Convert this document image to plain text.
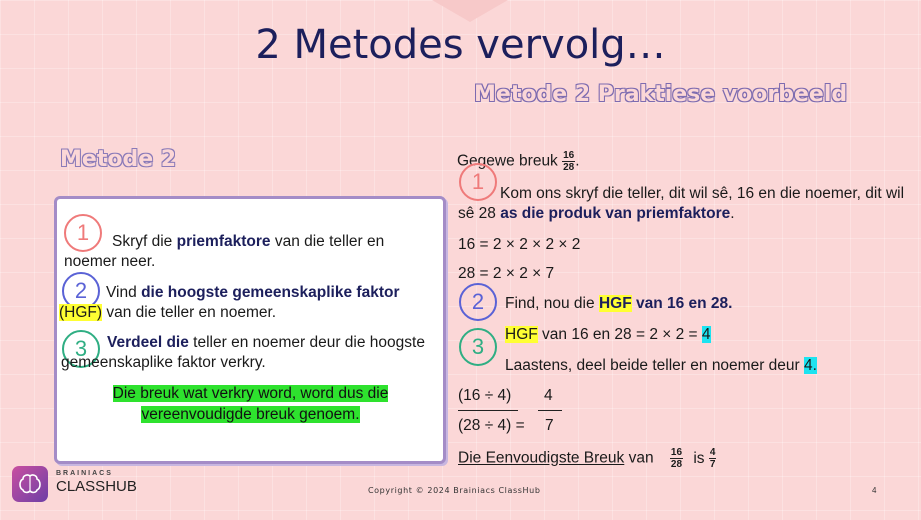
2 Metodes vervolg…
Metode 2 Praktiese voorbeeld
Metode 2
1	Skryf die priemfaktore van die teller en noemer neer.
2	Vind die hoogste gemeenskaplike faktor (HGF) van die teller en noemer.
3	Verdeel die teller en noemer deur die hoogste gemeenskaplike faktor verkry.
Die breuk wat verkry word, word dus die vereenvoudigde breuk genoem.
Gegewe breuk $\frac{16}{28}$ .
1	Kom ons skryf die teller, dit wil sê, 16 en die noemer, dit wil sê 28 as die produk van priemfaktore.
16 = 2 × 2 × 2 × 2
28 = 2 × 2 × 7
2	Find, nou die HGF van 16 en 28.
3	HGF van 16 en 28 = 2 × 2 = 4
Laastens, deel beide teller en noemer deur 4.
(16 ÷ 4)
(28 ÷ 4) =
4
7
Die Eenvoudigste Breuk van $\frac{16}{28}$ is $\frac{4}{7}$
BRAINIACS
CLASSHUB	Copyright © 2024 Brainiacs ClassHub	4
